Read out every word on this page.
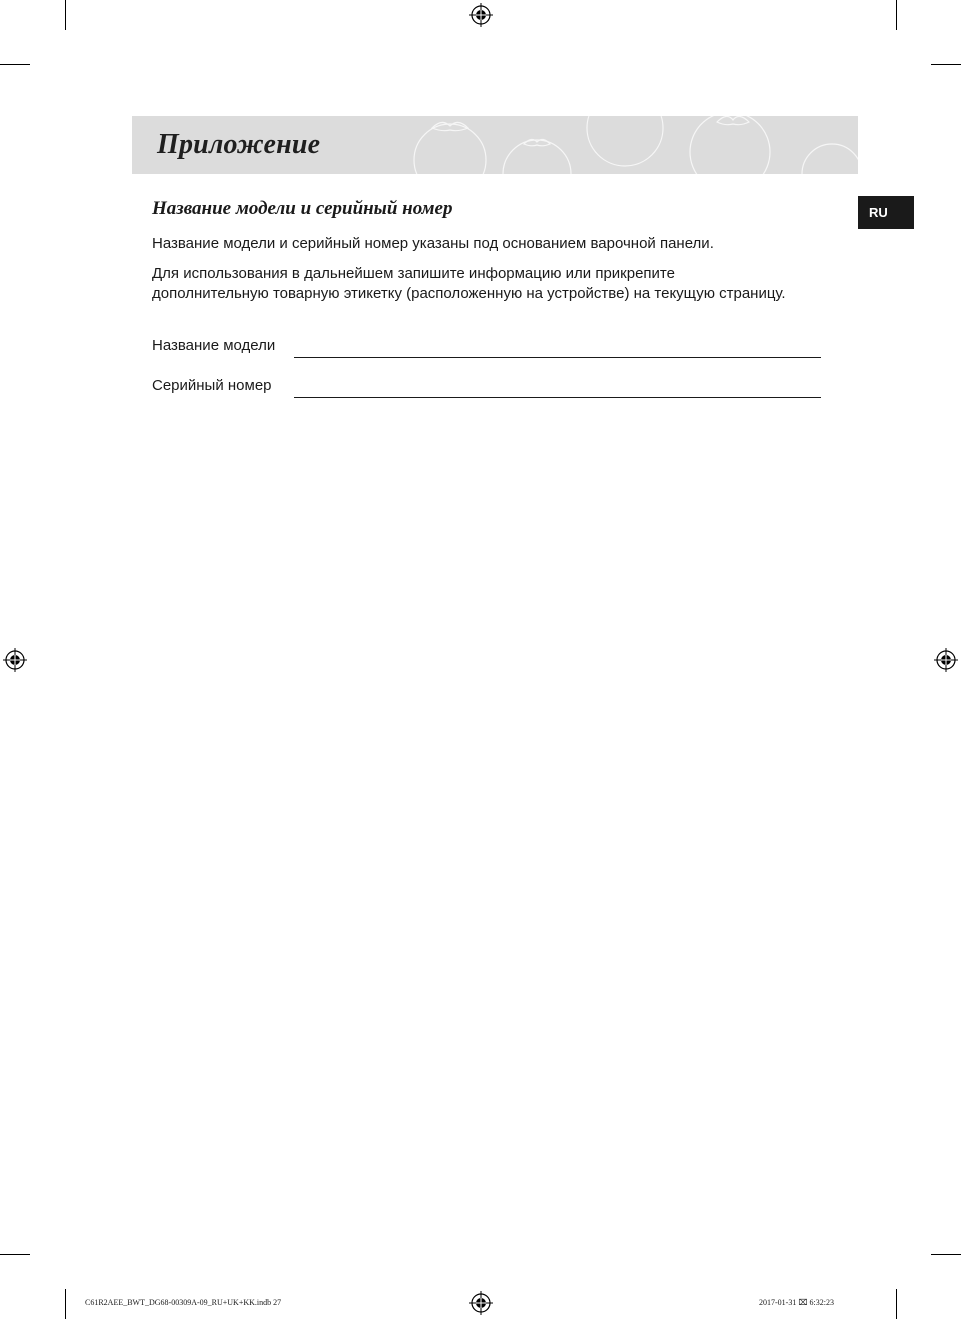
Приложение
RU
Название модели и серийный номер
Название модели и серийный номер указаны под основанием варочной панели.
Для использования в дальнейшем запишите информацию или прикрепите дополнительную товарную этикетку (расположенную на устройстве) на текущую страницу.
Название модели
Серийный номер
C61R2AEE_BWT_DG68-00309A-09_RU+UK+KK.indb 27	2017-01-31 ⌧ 6:32:23
